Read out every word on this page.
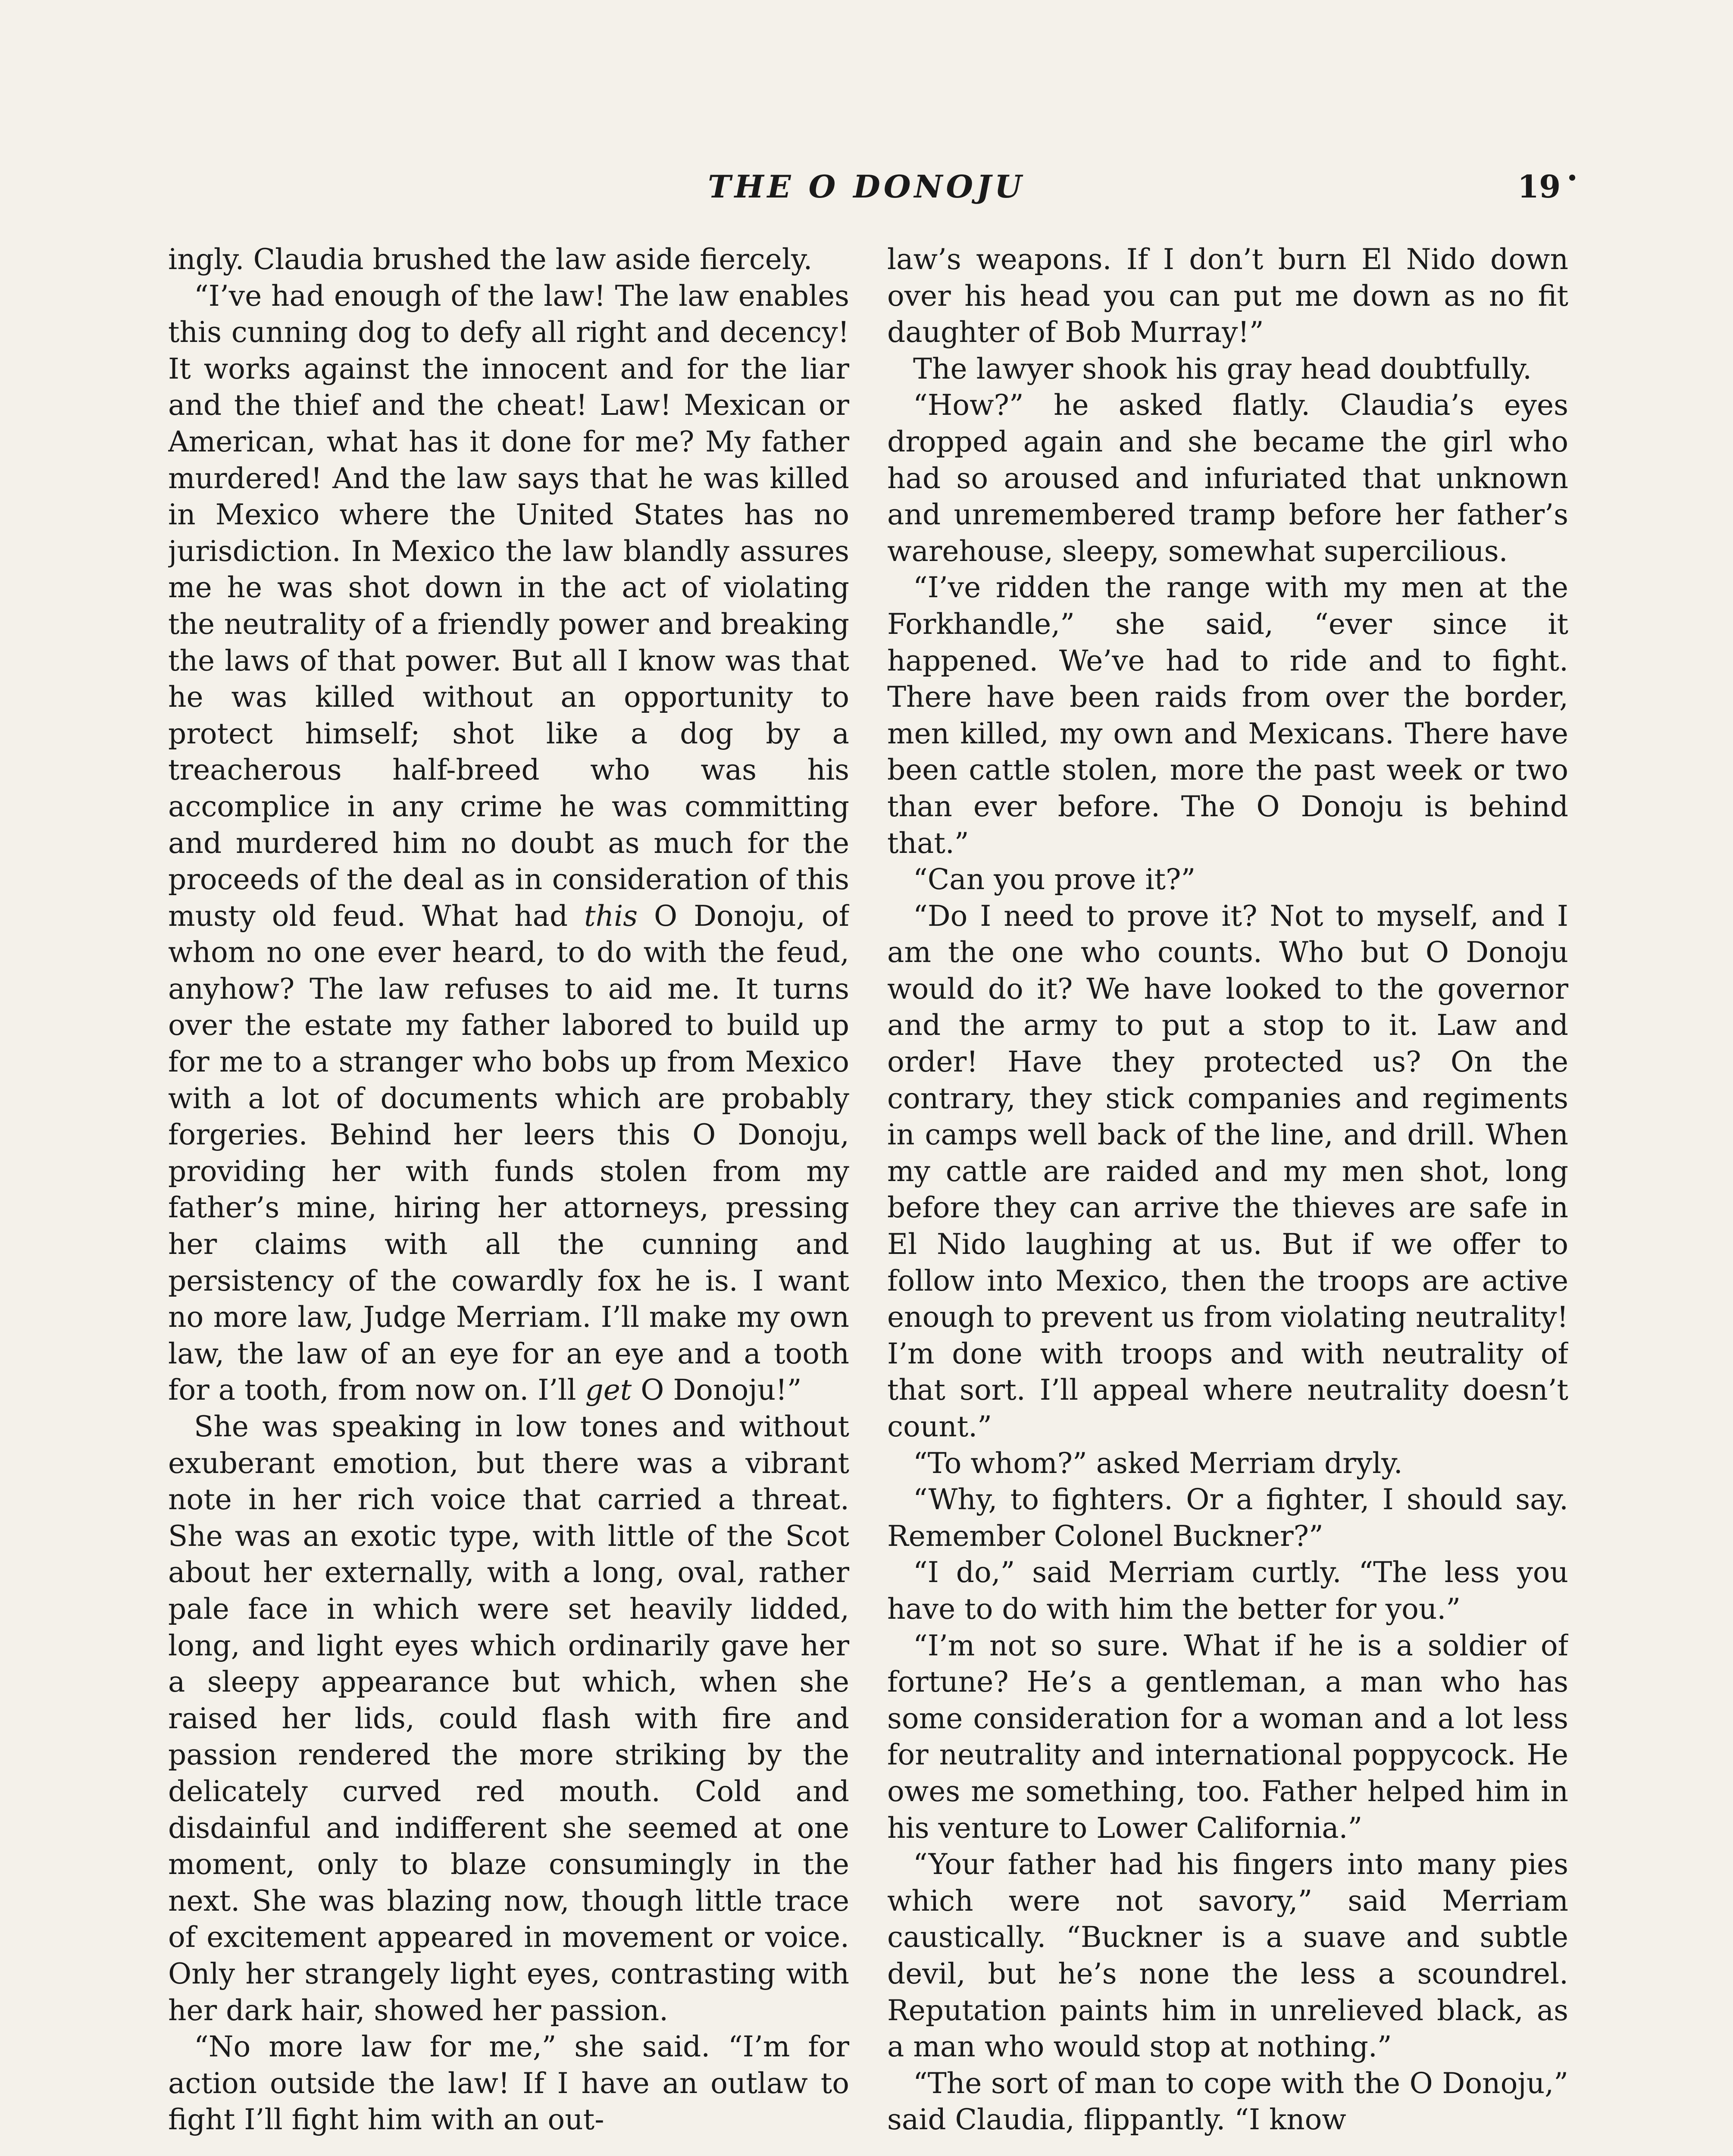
THE O DONOJU	19 •

ingly. Claudia brushed the law aside fiercely.

“I’ve had enough of the law! The law enables this cunning dog to defy all right and decency! It works against the innocent and for the liar and the thief and the cheat! Law! Mexican or American, what has it done for me? My father murdered! And the law says that he was killed in Mexico where the United States has no jurisdiction. In Mexico the law blandly assures me he was shot down in the act of violating the neutrality of a friendly power and breaking the laws of that power. But all I know was that he was killed without an opportunity to protect himself; shot like a dog by a treacherous half-breed who was his accomplice in any crime he was committing and murdered him no doubt as much for the proceeds of the deal as in consideration of this musty old feud. What had this O Donoju, of whom no one ever heard, to do with the feud, anyhow? The law refuses to aid me. It turns over the estate my father labored to build up for me to a stranger who bobs up from Mexico with a lot of documents which are probably forgeries. Behind her leers this O Donoju, providing her with funds stolen from my father’s mine, hiring her attorneys, pressing her claims with all the cunning and persistency of the cowardly fox he is. I want no more law, Judge Merriam. I’ll make my own law, the law of an eye for an eye and a tooth for a tooth, from now on. I’ll get O Donoju!”

She was speaking in low tones and without exuberant emotion, but there was a vibrant note in her rich voice that carried a threat. She was an exotic type, with little of the Scot about her externally, with a long, oval, rather pale face in which were set heavily lidded, long, and light eyes which ordinarily gave her a sleepy appearance but which, when she raised her lids, could flash with fire and passion rendered the more striking by the delicately curved red mouth. Cold and disdainful and indifferent she seemed at one moment, only to blaze consumingly in the next. She was blazing now, though little trace of excitement appeared in movement or voice. Only her strangely light eyes, contrasting with her dark hair, showed her passion.

“No more law for me,” she said. “I’m for action outside the law! If I have an outlaw to fight I’ll fight him with an out-

law’s weapons. If I don’t burn El Nido down over his head you can put me down as no fit daughter of Bob Murray!”

The lawyer shook his gray head doubtfully.

“How?” he asked flatly. Claudia’s eyes dropped again and she became the girl who had so aroused and infuriated that unknown and unremembered tramp before her father’s warehouse, sleepy, somewhat supercilious.

“I’ve ridden the range with my men at the Forkhandle,” she said, “ever since it happened. We’ve had to ride and to fight. There have been raids from over the border, men killed, my own and Mexicans. There have been cattle stolen, more the past week or two than ever before. The O Donoju is behind that.”

“Can you prove it?”

“Do I need to prove it? Not to myself, and I am the one who counts. Who but O Donoju would do it? We have looked to the governor and the army to put a stop to it. Law and order! Have they protected us? On the contrary, they stick companies and regiments in camps well back of the line, and drill. When my cattle are raided and my men shot, long before they can arrive the thieves are safe in El Nido laughing at us. But if we offer to follow into Mexico, then the troops are active enough to prevent us from violating neutrality! I’m done with troops and with neutrality of that sort. I’ll appeal where neutrality doesn’t count.”

“To whom?” asked Merriam dryly.

“Why, to fighters. Or a fighter, I should say. Remember Colonel Buckner?”

“I do,” said Merriam curtly. “The less you have to do with him the better for you.”

“I’m not so sure. What if he is a soldier of fortune? He’s a gentleman, a man who has some consideration for a woman and a lot less for neutrality and international poppycock. He owes me something, too. Father helped him in his venture to Lower California.”

“Your father had his fingers into many pies which were not savory,” said Merriam caustically. “Buckner is a suave and subtle devil, but he’s none the less a scoundrel. Reputation paints him in unrelieved black, as a man who would stop at nothing.”

“The sort of man to cope with the O Donoju,” said Claudia, flippantly. “I know
